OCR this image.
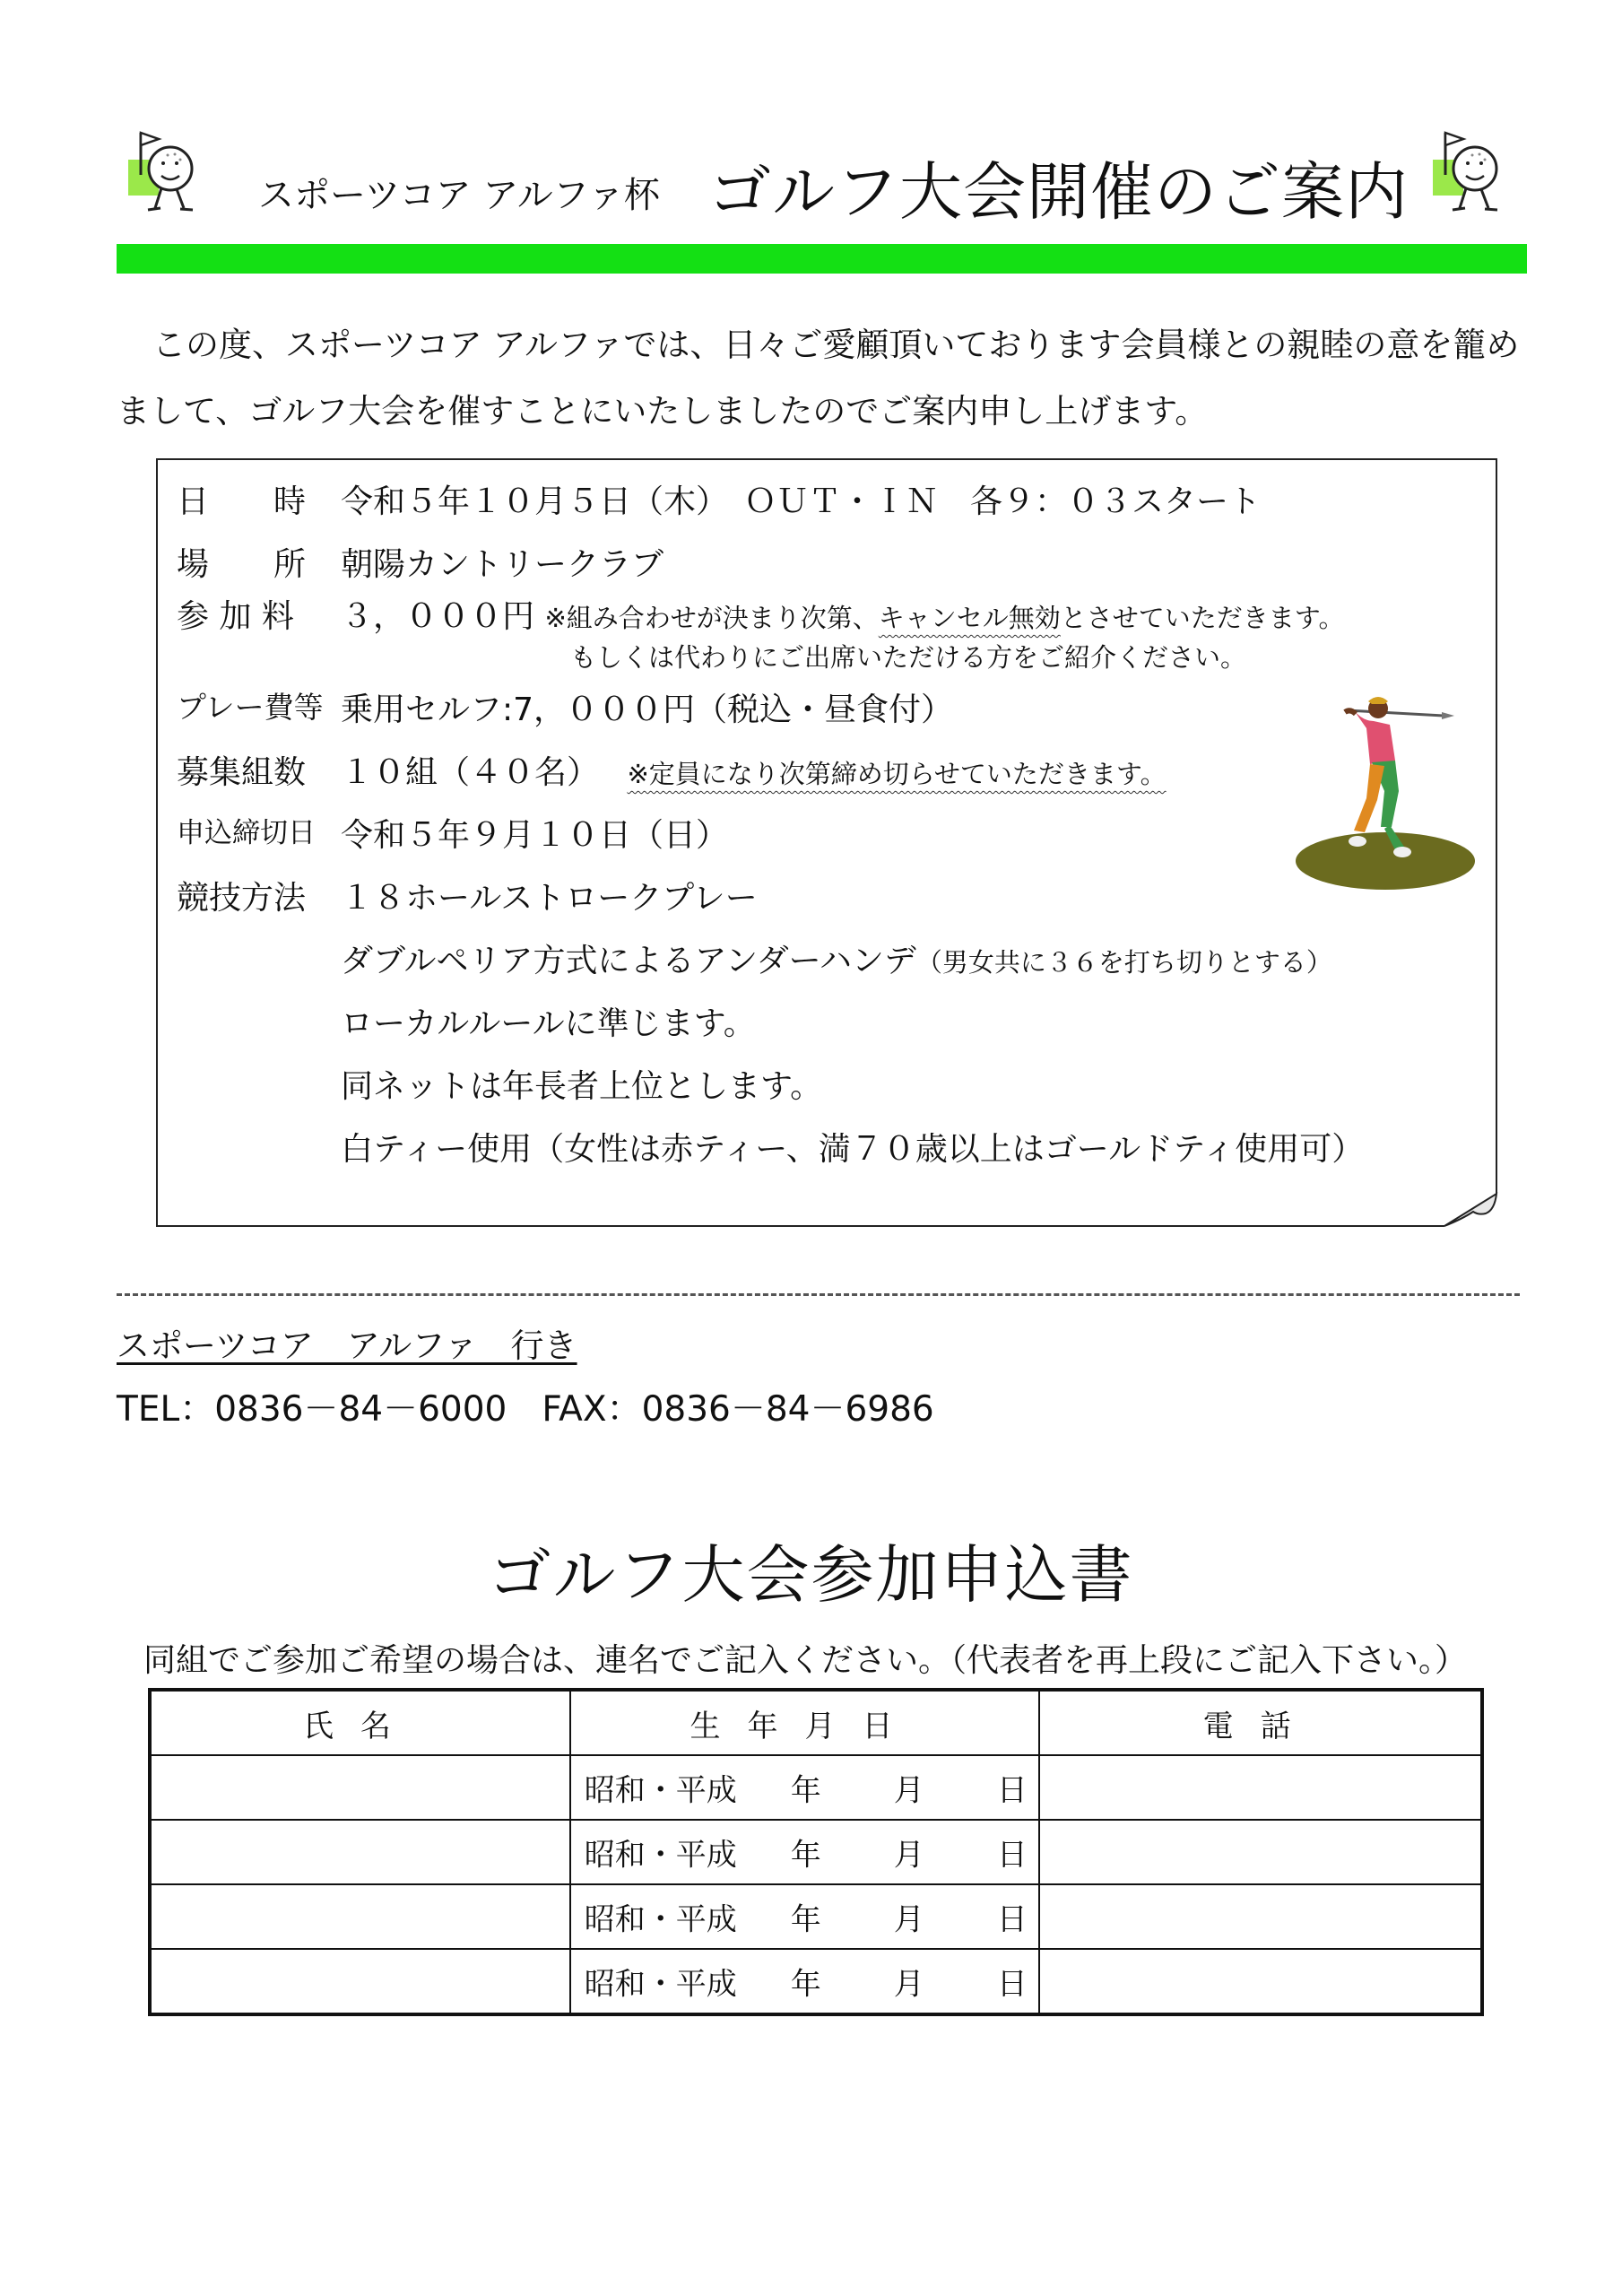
スポーツコア アルファ杯 ゴルフ大会開催のご案内
この度、スポーツコア アルファでは、日々ご愛顧頂いております会員様との親睦の意を籠めまして、ゴルフ大会を催すことにいたしましたのでご案内申し上げます。
日　　時 令和５年１０月５日（木）　ＯＵＴ・ＩＮ　各９：０３スタート
場　　所 朝陽カントリークラブ
参 加 料 ３，０００円 ※組み合わせが決まり次第、キャンセル無効とさせていただきます。
もしくは代わりにご出席いただける方をご紹介ください。
プレー費等 乗用セルフ:7，０００円（税込・昼食付）
募集組数 １０組（４０名） ※定員になり次第締め切らせていただきます。
申込締切日 令和５年９月１０日（日）
競技方法 １８ホールストロークプレー
ダブルペリア方式によるアンダーハンデ（男女共に３６を打ち切りとする）
ローカルルールに準じます。
同ネットは年長者上位とします。
白ティー使用（女性は赤ティー、満７０歳以上はゴールドティ使用可）
スポーツコア　アルファ　行き
TEL：0836－84－6000　FAX：0836－84－6986
ゴルフ大会参加申込書
同組でご参加ご希望の場合は、連名でご記入ください。（代表者を再上段にご記入下さい。）
氏名	生年月日	電話

	昭和・平成 年 月 日	

	昭和・平成 年 月 日	

	昭和・平成 年 月 日	

	昭和・平成 年 月 日	
